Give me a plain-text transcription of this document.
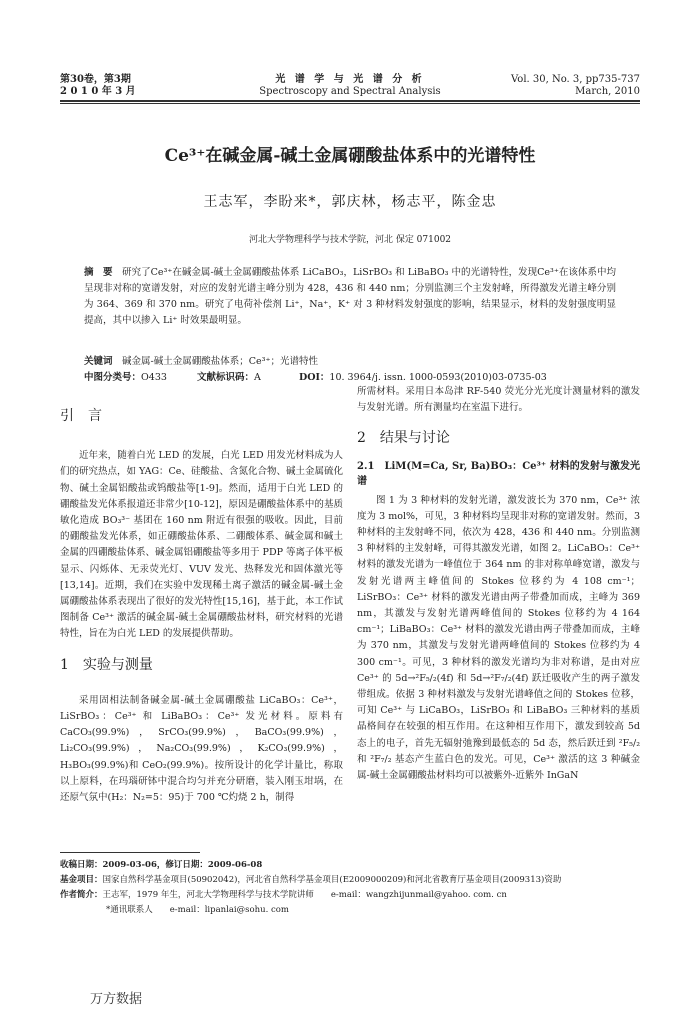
第30卷，第3期
2 0 1 0 年 3 月
光 谱 学 与 光 谱 分 析
Spectroscopy and Spectral Analysis
Vol. 30, No. 3, pp735-737
March, 2010
Ce³⁺在碱金属-碱土金属硼酸盐体系中的光谱特性
王志军，李盼来*，郭庆林，杨志平，陈金忠
河北大学物理科学与技术学院，河北 保定 071002
摘　要　 研究了Ce³⁺在碱金属-碱土金属硼酸盐体系 LiCaBO₃，LiSrBO₃ 和 LiBaBO₃ 中的光谱特性，发现Ce³⁺在该体系中均呈现非对称的宽谱发射，对应的发射光谱主峰分别为 428，436 和 440 nm；分别监测三个主发射峰，所得激发光谱主峰分别为 364、369 和 370 nm。研究了电荷补偿剂 Li⁺，Na⁺，K⁺ 对 3 种材料发射强度的影响，结果显示，材料的发射强度明显提高，其中以掺入 Li⁺ 时效果最明显。
关键词　 碱金属-碱土金属硼酸盐体系；Ce³⁺；光谱特性
中图分类号：O433	文献标识码：A	DOI：10. 3964/j. issn. 1000-0593(2010)03-0735-03
引　言

近年来，随着白光 LED 的发展，白光 LED 用发光材料成为人们的研究热点，如 YAG：Ce、硅酸盐、含氮化合物、碱土金属硫化物、碱土金属铝酸盐或钨酸盐等[1-9]。然而，适用于白光 LED 的硼酸盐发光体系报道还非常少[10-12]，原因是硼酸盐体系中的基质敏化造成 BO₃³⁻ 基团在 160 nm 附近有很强的吸收。因此，目前的硼酸盐发光体系，如正硼酸盐体系、二硼酸体系、碱金属和碱土金属的四硼酸盐体系、碱金属铝硼酸盐等多用于 PDP 等离子体平板显示、闪烁体、无汞荧光灯、VUV 发光、热释发光和固体激光等[13,14]。近期，我们在实验中发现稀土离子激活的碱金属-碱土金属硼酸盐体系表现出了很好的发光特性[15,16]，基于此，本工作试图制备 Ce³⁺ 激活的碱金属-碱土金属硼酸盐材料，研究材料的光谱特性，旨在为白光 LED 的发展提供帮助。

1　实验与测量

采用固相法制备碱金属-碱土金属硼酸盐 LiCaBO₃：Ce³⁺，LiSrBO₃：Ce³⁺ 和 LiBaBO₃：Ce³⁺ 发光材料。原料有 CaCO₃(99.9%)，SrCO₃(99.9%)，BaCO₃(99.9%)，Li₂CO₃(99.9%)，Na₂CO₃(99.9%)，K₂CO₃(99.9%)，H₃BO₃(99.9%)和 CeO₂(99.9%)。按所设计的化学计量比，称取以上原料，在玛瑙研钵中混合均匀并充分研磨，装入刚玉坩埚，在还原气氛中(H₂：N₂=5：95)于 700 ℃灼烧 2 h，制得

所需材料。采用日本岛津 RF-540 荧光分光光度计测量材料的激发与发射光谱。所有测量均在室温下进行。

2　结果与讨论
2.1　LiM(M=Ca, Sr, Ba)BO₃：Ce³⁺ 材料的发射与激发光谱

图 1 为 3 种材料的发射光谱，激发波长为 370 nm，Ce³⁺ 浓度为 3 mol%，可见，3 种材料均呈现非对称的宽谱发射。然而，3 种材料的主发射峰不同，依次为 428，436 和 440 nm。分别监测 3 种材料的主发射峰，可得其激发光谱，如图 2。LiCaBO₃：Ce³⁺ 材料的激发光谱为一峰值位于 364 nm 的非对称单峰宽谱，激发与发射光谱两主峰值间的 Stokes 位移约为 4 108 cm⁻¹；LiSrBO₃：Ce³⁺ 材料的激发光谱由两子带叠加而成，主峰为 369 nm，其激发与发射光谱两峰值间的 Stokes 位移约为 4 164 cm⁻¹；LiBaBO₃：Ce³⁺ 材料的激发光谱由两子带叠加而成，主峰为 370 nm，其激发与发射光谱两峰值间的 Stokes 位移约为 4 300 cm⁻¹。可见，3 种材料的激发光谱均为非对称谱，是由对应 Ce³⁺ 的 5d→²F₅/₂(4f) 和 5d→²F₇/₂(4f) 跃迁吸收产生的两子激发带组成。依据 3 种材料激发与发射光谱峰值之间的 Stokes 位移，可知 Ce³⁺ 与 LiCaBO₃，LiSrBO₃ 和 LiBaBO₃ 三种材料的基质晶格间存在较强的相互作用。在这种相互作用下，激发到较高 5d 态上的电子，首先无辐射弛豫到最低态的 5d 态，然后跃迁到 ²F₅/₂ 和 ²F₇/₂ 基态产生蓝白色的发光。可见，Ce³⁺ 激活的这 3 种碱金属-碱土金属硼酸盐材料均可以被紫外-近紫外 InGaN

收稿日期：2009-03-06，修订日期：2009-06-08
基金项目：国家自然科学基金项目(50902042)，河北省自然科学基金项目(E2009000209)和河北省教育厅基金项目(2009313)资助
作者简介：王志军，1979 年生，河北大学物理科学与技术学院讲师　　e-mail：wangzhijunmail@yahoo. com. cn
*通讯联系人　　e-mail：lipanlai@sohu. com
万方数据
